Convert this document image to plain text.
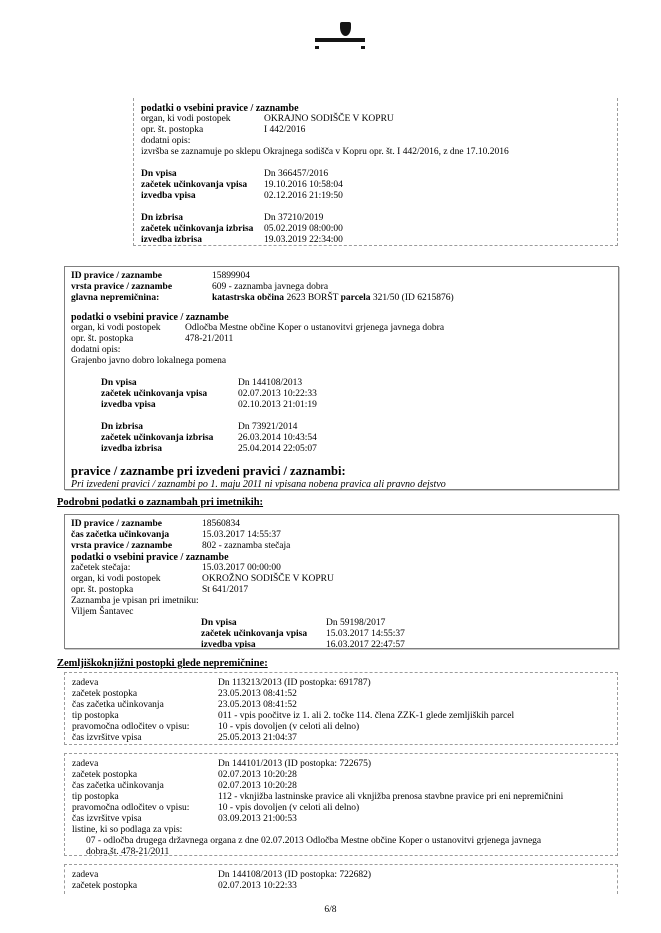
podatki o vsebini pravice / zaznambe
organ, ki vodi postopek	OKRAJNO SODIŠČE V KOPRU
opr. št. postopka	I 442/2016
dodatni opis:
izvršba se zaznamuje po sklepu Okrajnega sodišča v Kopru opr. št. I 442/2016, z dne 17.10.2016
Dn vpisa	Dn 366457/2016
začetek učinkovanja vpisa	19.10.2016 10:58:04
izvedba vpisa	02.12.2016 21:19:50
Dn izbrisa	Dn 37210/2019
začetek učinkovanja izbrisa	05.02.2019 08:00:00
izvedba izbrisa	19.03.2019 22:34:00
ID pravice / zaznambe	15899904
vrsta pravice / zaznambe	609 - zaznamba javnega dobra
glavna nepremičnina:	katastrska občina 2623 BORŠT parcela 321/50 (ID 6215876)
podatki o vsebini pravice / zaznambe
organ, ki vodi postopek	Odločba Mestne občine Koper o ustanovitvi grjenega javnega dobra
opr. št. postopka	478-21/2011
dodatni opis:
Grajenbo javno dobro lokalnega pomena
Dn vpisa	Dn 144108/2013
začetek učinkovanja vpisa	02.07.2013 10:22:33
izvedba vpisa	02.10.2013 21:01:19
Dn izbrisa	Dn 73921/2014
začetek učinkovanja izbrisa	26.03.2014 10:43:54
izvedba izbrisa	25.04.2014 22:05:07
pravice / zaznambe pri izvedeni pravici / zaznambi:
Pri izvedeni pravici / zaznambi po 1. maju 2011 ni vpisana nobena pravica ali pravno dejstvo
Podrobni podatki o zaznambah pri imetnikih:
ID pravice / zaznambe	18560834
čas začetka učinkovanja	15.03.2017 14:55:37
vrsta pravice / zaznambe	802 - zaznamba stečaja
podatki o vsebini pravice / zaznambe
začetek stečaja:	15.03.2017 00:00:00
organ, ki vodi postopek	OKROŽNO SODIŠČE V KOPRU
opr. št. postopka	St 641/2017
Zaznamba je vpisan pri imetniku:
Viljem Šantavec
Dn vpisa	Dn 59198/2017
začetek učinkovanja vpisa	15.03.2017 14:55:37
izvedba vpisa	16.03.2017 22:47:57
Zemljiškoknjižni postopki glede nepremičnine:
zadeva	Dn 113213/2013 (ID postopka: 691787)
začetek postopka	23.05.2013 08:41:52
čas začetka učinkovanja	23.05.2013 08:41:52
tip postopka	011 - vpis poočitve iz 1. ali 2. točke 114. člena ZZK-1 glede zemljiških parcel
pravomočna odločitev o vpisu:	10 - vpis dovoljen (v celoti ali delno)
čas izvršitve vpisa	25.05.2013 21:04:37
zadeva	Dn 144101/2013 (ID postopka: 722675)
začetek postopka	02.07.2013 10:20:28
čas začetka učinkovanja	02.07.2013 10:20:28
tip postopka	112 - vknjižba lastninske pravice ali vknjižba prenosa stavbne pravice pri eni nepremičnini
pravomočna odločitev o vpisu:	10 - vpis dovoljen (v celoti ali delno)
čas izvršitve vpisa	03.09.2013 21:00:53
listine, ki so podlaga za vpis:
07 - odločba drugega državnega organa z dne 02.07.2013 Odločba Mestne občine Koper o ustanovitvi grjenega javnega dobra,št. 478-21/2011
zadeva	Dn 144108/2013 (ID postopka: 722682)
začetek postopka	02.07.2013 10:22:33
6/8
